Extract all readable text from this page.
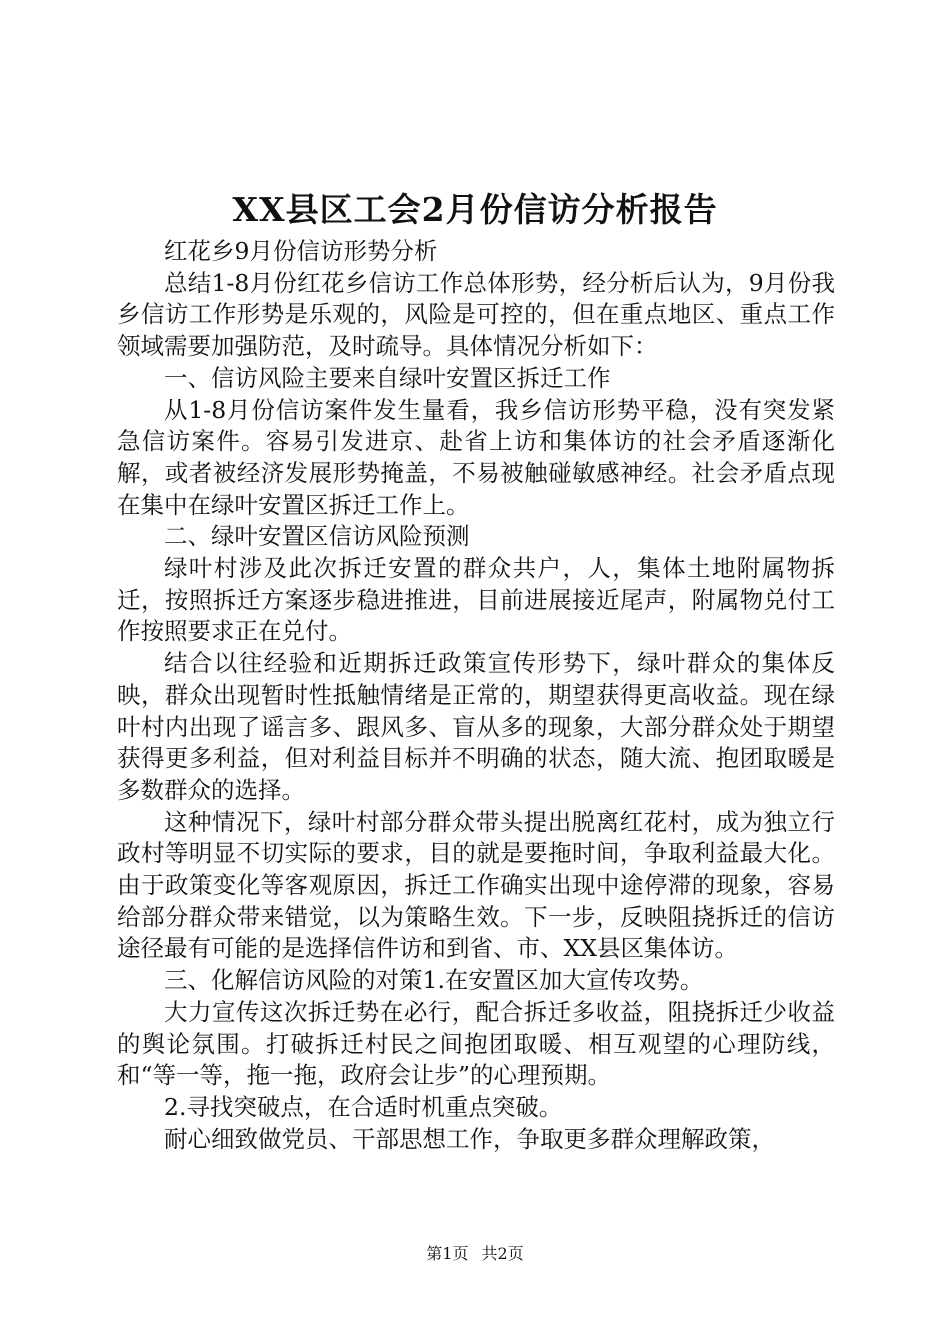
XX县区工会2月份信访分析报告

红花乡9月份信访形势分析

总结1-8月份红花乡信访工作总体形势，经分析后认为，9月份我乡信访工作形势是乐观的，风险是可控的，但在重点地区、重点工作领域需要加强防范，及时疏导。具体情况分析如下：

一、信访风险主要来自绿叶安置区拆迁工作

从1-8月份信访案件发生量看，我乡信访形势平稳，没有突发紧急信访案件。容易引发进京、赴省上访和集体访的社会矛盾逐渐化解，或者被经济发展形势掩盖，不易被触碰敏感神经。社会矛盾点现在集中在绿叶安置区拆迁工作上。

二、绿叶安置区信访风险预测

绿叶村涉及此次拆迁安置的群众共户，人，集体土地附属物拆迁，按照拆迁方案逐步稳进推进，目前进展接近尾声，附属物兑付工作按照要求正在兑付。

结合以往经验和近期拆迁政策宣传形势下，绿叶群众的集体反映，群众出现暂时性抵触情绪是正常的，期望获得更高收益。现在绿叶村内出现了谣言多、跟风多、盲从多的现象，大部分群众处于期望获得更多利益，但对利益目标并不明确的状态，随大流、抱团取暖是多数群众的选择。

这种情况下，绿叶村部分群众带头提出脱离红花村，成为独立行政村等明显不切实际的要求，目的就是要拖时间，争取利益最大化。由于政策变化等客观原因，拆迁工作确实出现中途停滞的现象，容易给部分群众带来错觉，以为策略生效。下一步，反映阻挠拆迁的信访途径最有可能的是选择信件访和到省、市、XX县区集体访。

三、化解信访风险的对策1.在安置区加大宣传攻势。

大力宣传这次拆迁势在必行，配合拆迁多收益，阻挠拆迁少收益的舆论氛围。打破拆迁村民之间抱团取暖、相互观望的心理防线，和“等一等，拖一拖，政府会让步”的心理预期。

2.寻找突破点，在合适时机重点突破。

耐心细致做党员、干部思想工作，争取更多群众理解政策，

第1页 共2页
